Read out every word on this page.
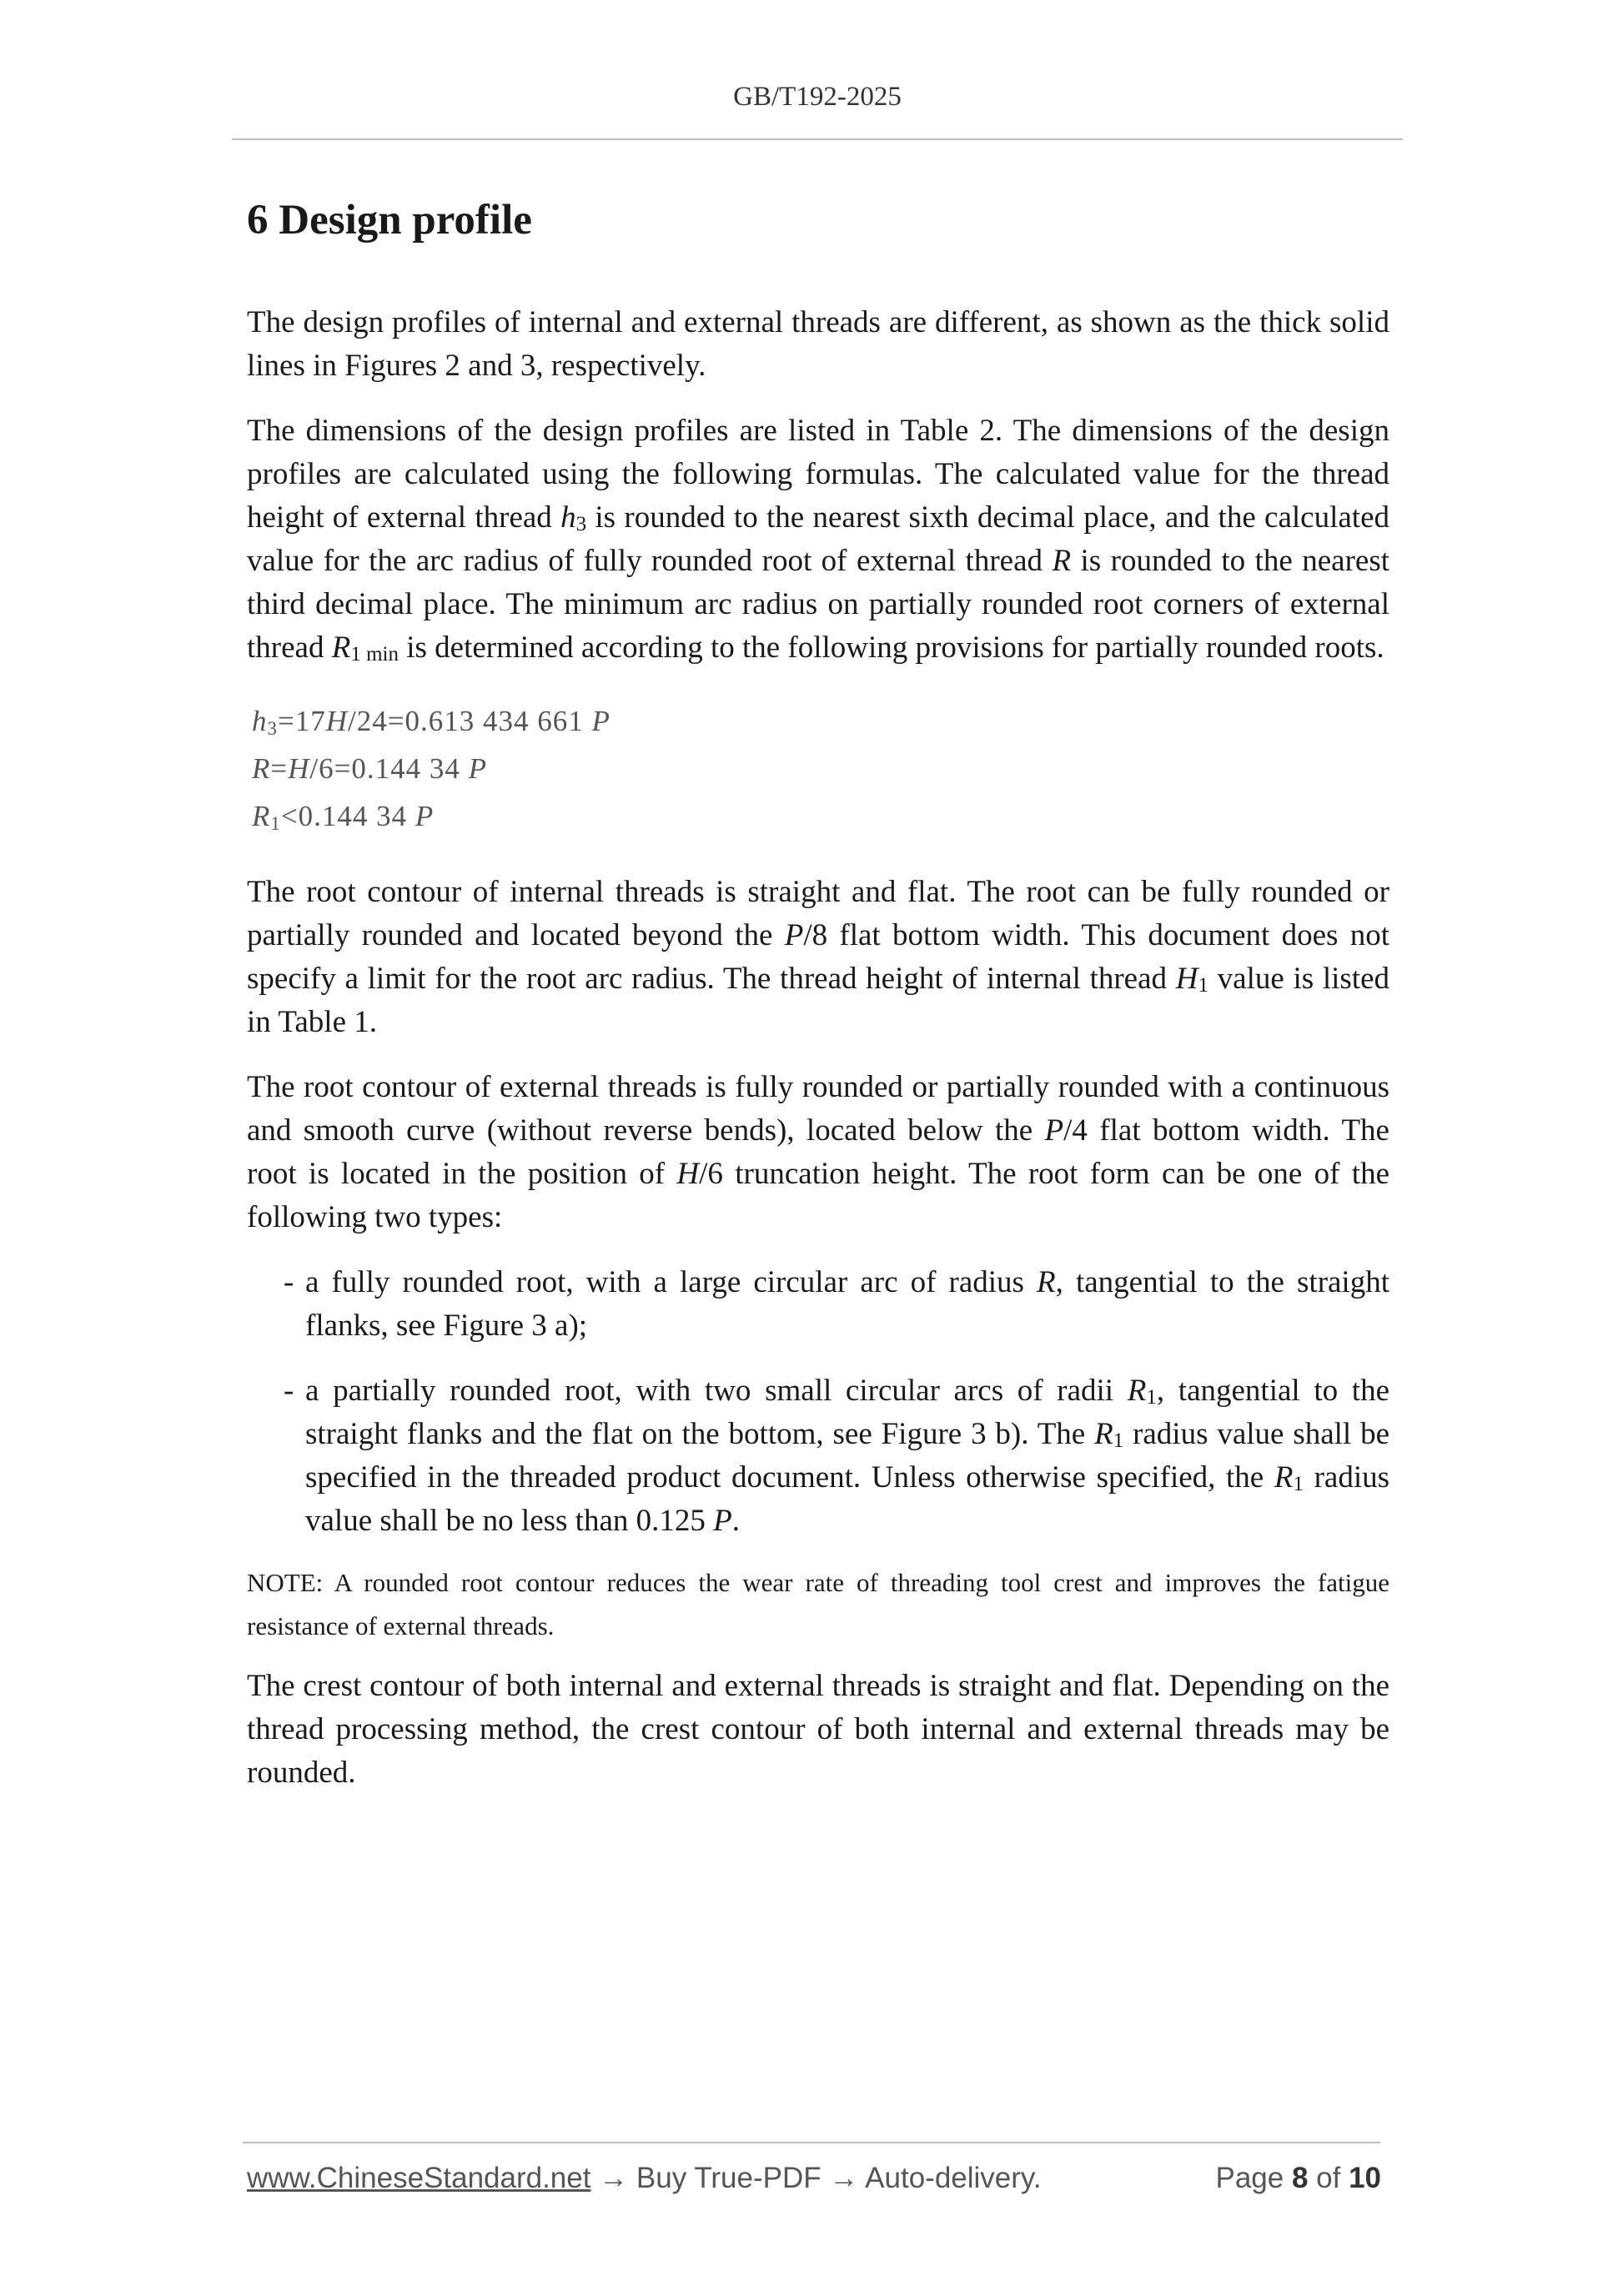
GB/T192-2025
6 Design profile

The design profiles of internal and external threads are different, as shown as the thick solid lines in Figures 2 and 3, respectively.

The dimensions of the design profiles are listed in Table 2. The dimensions of the design profiles are calculated using the following formulas. The calculated value for the thread height of external thread $h_3$ is rounded to the nearest sixth decimal place, and the calculated value for the arc radius of fully rounded root of external thread R is rounded to the nearest third decimal place. The minimum arc radius on partially rounded root corners of external thread $R_{1 min}$ is determined according to the following provisions for partially rounded roots.

$h_3=17H/24=0.613$ 434 661 P
R=H/6=0.144 34 P
$R_1<0.144$ 34 P

The root contour of internal threads is straight and flat. The root can be fully rounded or partially rounded and located beyond the P/8 flat bottom width. This document does not specify a limit for the root arc radius. The thread height of internal thread $H_1$ value is listed in Table 1.

The root contour of external threads is fully rounded or partially rounded with a continuous and smooth curve (without reverse bends), located below the P/4 flat bottom width. The root is located in the position of H/6 truncation height. The root form can be one of the following two types:

- a fully rounded root, with a large circular arc of radius R, tangential to the straight flanks, see Figure 3 a);
- a partially rounded root, with two small circular arcs of radii $R_1$, tangential to the straight flanks and the flat on the bottom, see Figure 3 b). The $R_1$ radius value shall be specified in the threaded product document. Unless otherwise specified, the $R_1$ radius value shall be no less than 0.125 P.

NOTE: A rounded root contour reduces the wear rate of threading tool crest and improves the fatigue resistance of external threads.

The crest contour of both internal and external threads is straight and flat. Depending on the thread processing method, the crest contour of both internal and external threads may be rounded.

www.ChineseStandard.net → Buy True-PDF → Auto-delivery.	Page 8 of 10
